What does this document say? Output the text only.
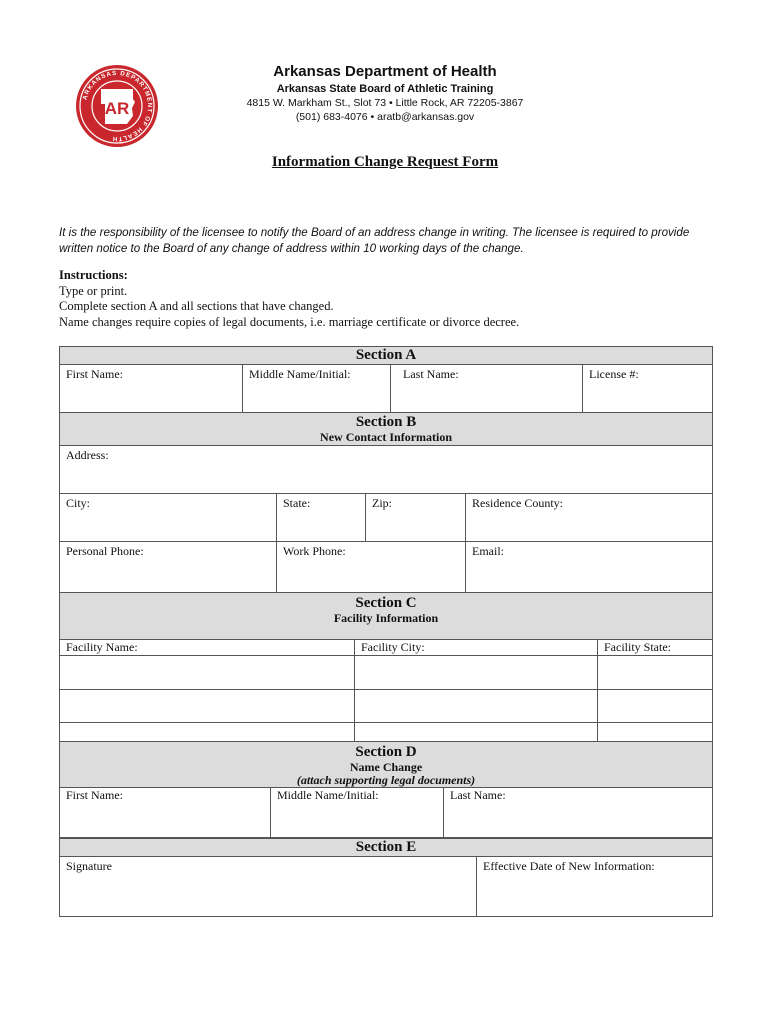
ARKANSAS DEPARTMENT OF HEALTH
AR
Arkansas Department of Health
Arkansas State Board of Athletic Training
4815 W. Markham St., Slot 73 • Little Rock, AR 72205-3867
(501) 683-4076 • aratb@arkansas.gov
Information Change Request Form
It is the responsibility of the licensee to notify the Board of an address change in writing. The licensee is required to provide written notice to the Board of any change of address within 10 working days of the change.
Instructions:
Type or print.
Complete section A and all sections that have changed.
Name changes require copies of legal documents, i.e. marriage certificate or divorce decree.
Section A

First Name:	Middle Name/Initial:	Last Name:	License #:
Section B
New Contact Information			

Address:			
City:	State:	Zip:	Residence County:
Personal Phone:	Work Phone:		Email:
Section C
Facility Information		

Facility Name:	Facility City:	Facility State:

Section D
Name Change
(attach supporting legal documents)

First Name:	Middle Name/Initial:	Last Name:
Section E

Signature	Effective Date of New Information:
